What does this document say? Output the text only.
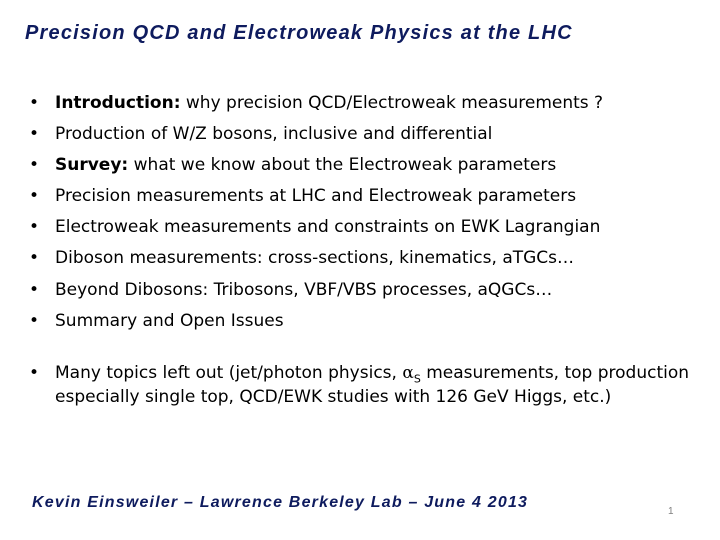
Precision QCD and Electroweak Physics at the LHC
• Introduction: why precision QCD/Electroweak measurements ?
• Production of W/Z bosons, inclusive and differential
• Survey: what we know about the Electroweak parameters
• Precision measurements at LHC and Electroweak parameters
• Electroweak measurements and constraints on EWK Lagrangian
• Diboson measurements: cross-sections, kinematics, aTGCs…
• Beyond Dibosons: Tribosons, VBF/VBS processes, aQGCs…
• Summary and Open Issues
• Many topics left out (jet/photon physics, $\alpha_S$ measurements, top production especially single top, QCD/EWK studies with 126 GeV Higgs, etc.)
Kevin Einsweiler – Lawrence Berkeley Lab – June 4 2013
1
